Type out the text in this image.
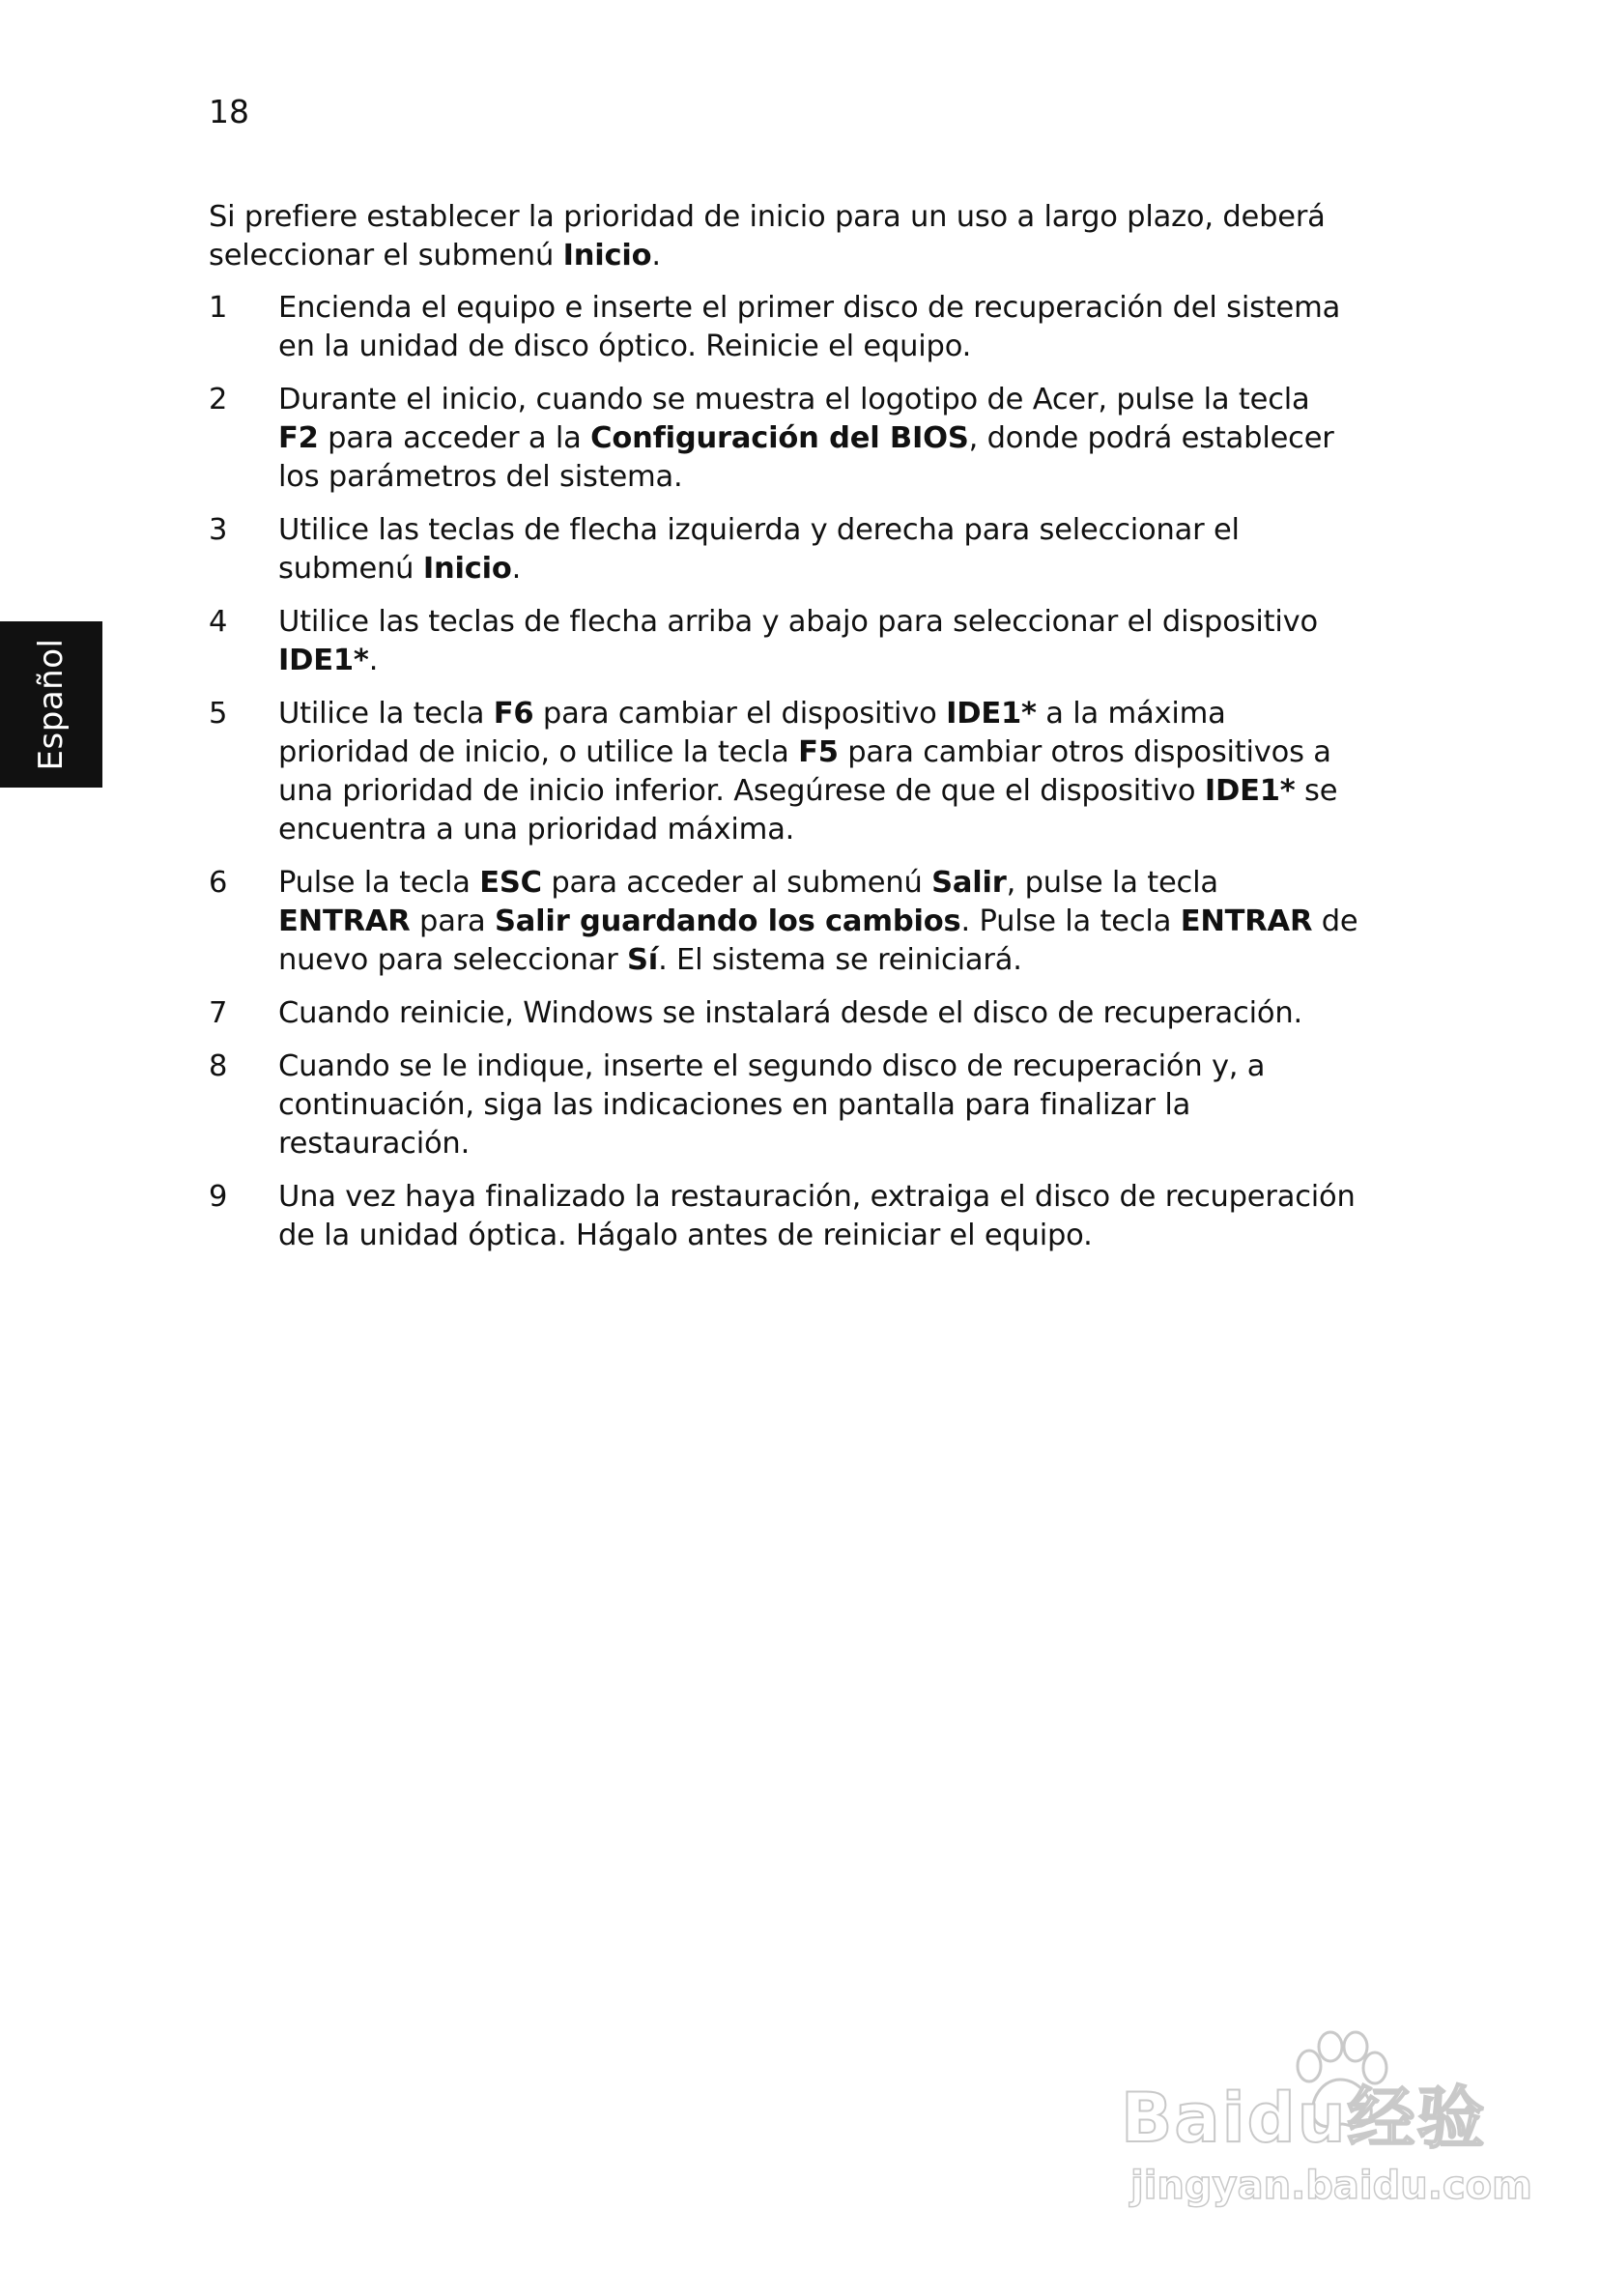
18
Español

Si prefiere establecer la prioridad de inicio para un uso a largo plazo, deberá seleccionar el submenú Inicio.

1	Encienda el equipo e inserte el primer disco de recuperación del sistema en la unidad de disco óptico. Reinicie el equipo.
2	Durante el inicio, cuando se muestra el logotipo de Acer, pulse la tecla F2 para acceder a la Configuración del BIOS, donde podrá establecer los parámetros del sistema.
3	Utilice las teclas de flecha izquierda y derecha para seleccionar el submenú Inicio.
4	Utilice las teclas de flecha arriba y abajo para seleccionar el dispositivo IDE1*.
5	Utilice la tecla F6 para cambiar el dispositivo IDE1* a la máxima prioridad de inicio, o utilice la tecla F5 para cambiar otros dispositivos a una prioridad de inicio inferior. Asegúrese de que el dispositivo IDE1* se encuentra a una prioridad máxima.
6	Pulse la tecla ESC para acceder al submenú Salir, pulse la tecla ENTRAR para Salir guardando los cambios. Pulse la tecla ENTRAR de nuevo para seleccionar Sí. El sistema se reiniciará.
7	Cuando reinicie, Windows se instalará desde el disco de recuperación.
8	Cuando se le indique, inserte el segundo disco de recuperación y, a continuación, siga las indicaciones en pantalla para finalizar la restauración.
9	Una vez haya finalizado la restauración, extraiga el disco de recuperación de la unidad óptica. Hágalo antes de reiniciar el equipo.
Baidu经验
jingyan.baidu.com
